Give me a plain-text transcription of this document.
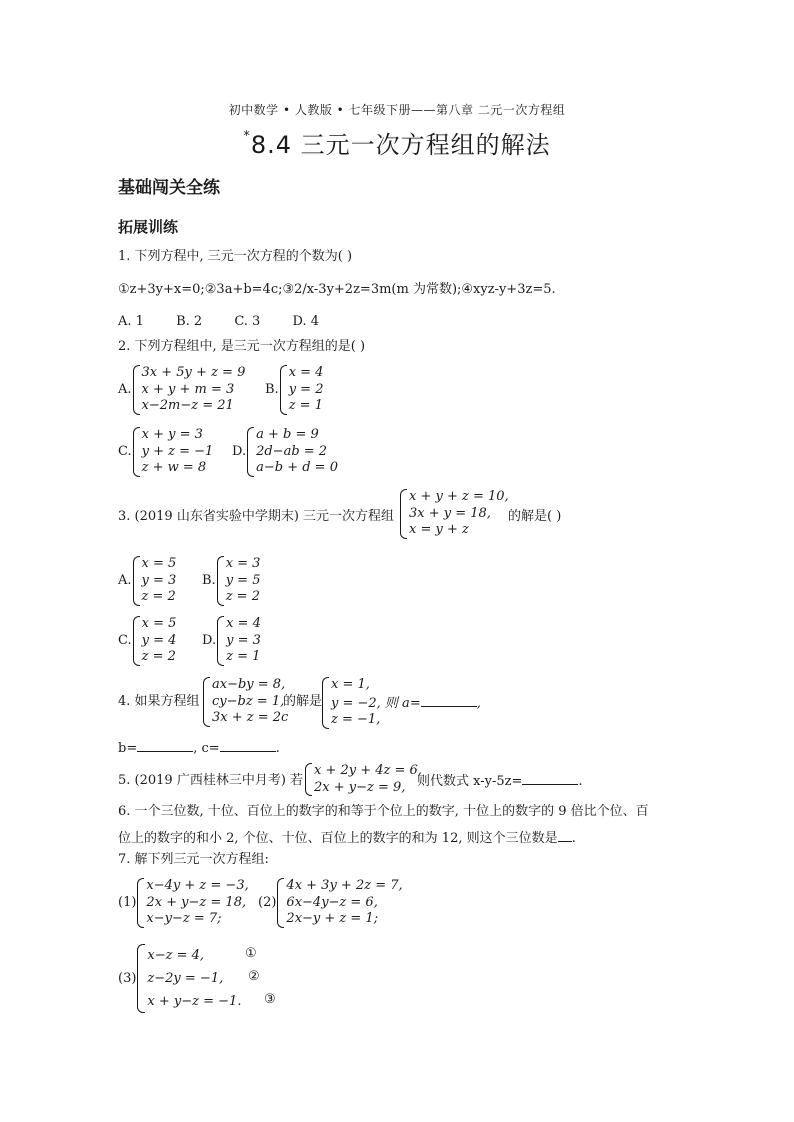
初中数学 • 人教版 • 七年级下册——第八章 二元一次方程组
*8.4 三元一次方程组的解法
基础闯关全练
拓展训练
1. 下列方程中, 三元一次方程的个数为( )
①z+3y+x=0;②3a+b=4c;③2/x-3y+2z=3m(m 为常数);④xyz-y+3z=5.
A. 1 B. 2 C. 3 D. 4
2. 下列方程组中, 是三元一次方程组的是( )
A.
3x + 5y + z = 9
x + y + m = 3
x−2m−z = 21
B.
x = 4
y = 2
z = 1
C.
x + y = 3
y + z = −1
z + w = 8
D.
a + b = 9
2d−ab = 2
a−b + d = 0
3. (2019 山东省实验中学期末) 三元一次方程组
x + y + z = 10,
3x + y = 18,
x = y + z
的解是( )
A.
x = 5
y = 3
z = 2
B.
x = 3
y = 5
z = 2
C.
x = 5
y = 4
z = 2
D.
x = 4
y = 3
z = 1
4. 如果方程组
ax−by = 8,
cy−bz = 1,
3x + z = 2c
的解是
x = 1,
y = −2, 则 a=	,
z = −1,
b=	, c=	.
5. (2019 广西桂林三中月考) 若
x + 2y + 4z = 6,
2x + y−z = 9, 则代数式 x-y-5z=	.
6. 一个三位数, 十位、百位上的数字的和等于个位上的数字, 十位上的数字的 9 倍比个位、百
位上的数字的和小 2, 个位、十位、百位上的数字的和为 12, 则这个三位数是 .
7. 解下列三元一次方程组:
(1)
x−4y + z = −3,
2x + y−z = 18,
x−y−z = 7;
(2)
4x + 3y + 2z = 7,
6x−4y−z = 6,
2x−y + z = 1;
(3)
x−z = 4,
z−2y = −1,
x + y−z = −1.
①
②
③
